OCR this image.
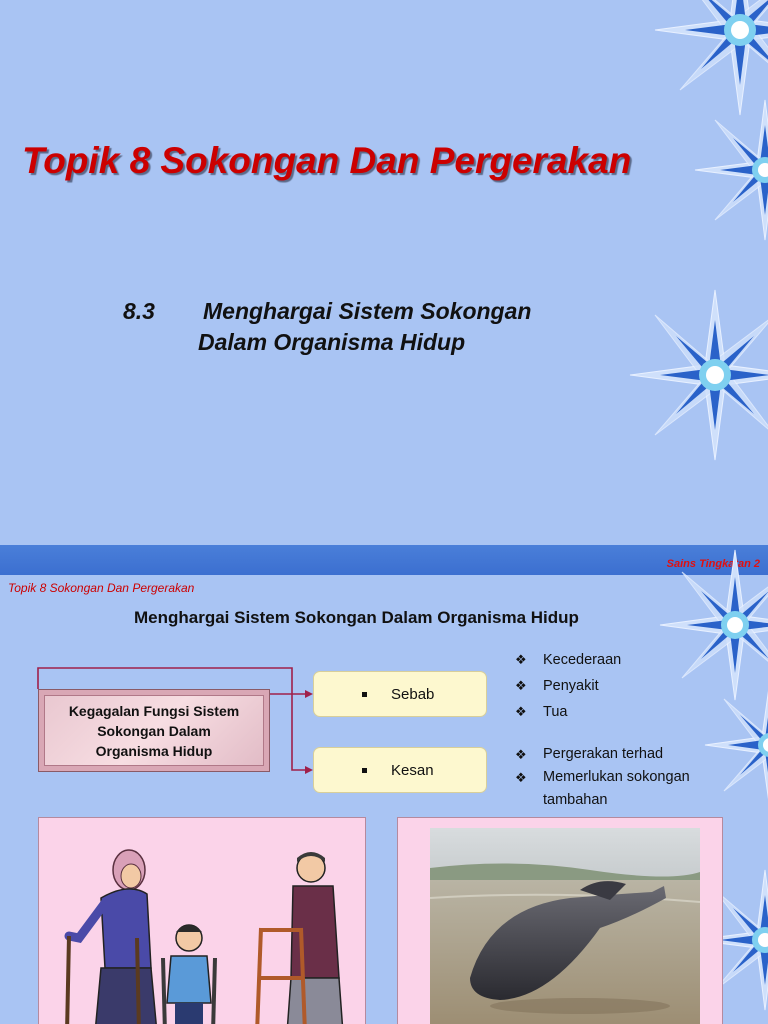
Topik 8 Sokongan Dan Pergerakan
8.3 Menghargai Sistem Sokongan
Dalam Organisma Hidup
Sains Tingkatan 2
Topik 8 Sokongan Dan Pergerakan
Menghargai Sistem Sokongan Dalam Organisma Hidup
Kegagalan Fungsi Sistem Sokongan Dalam Organisma Hidup
Sebab
Kesan
❖ Kecederaan
❖ Penyakit
❖ Tua
❖ Pergerakan terhad
❖ Memerlukan sokongan tambahan
